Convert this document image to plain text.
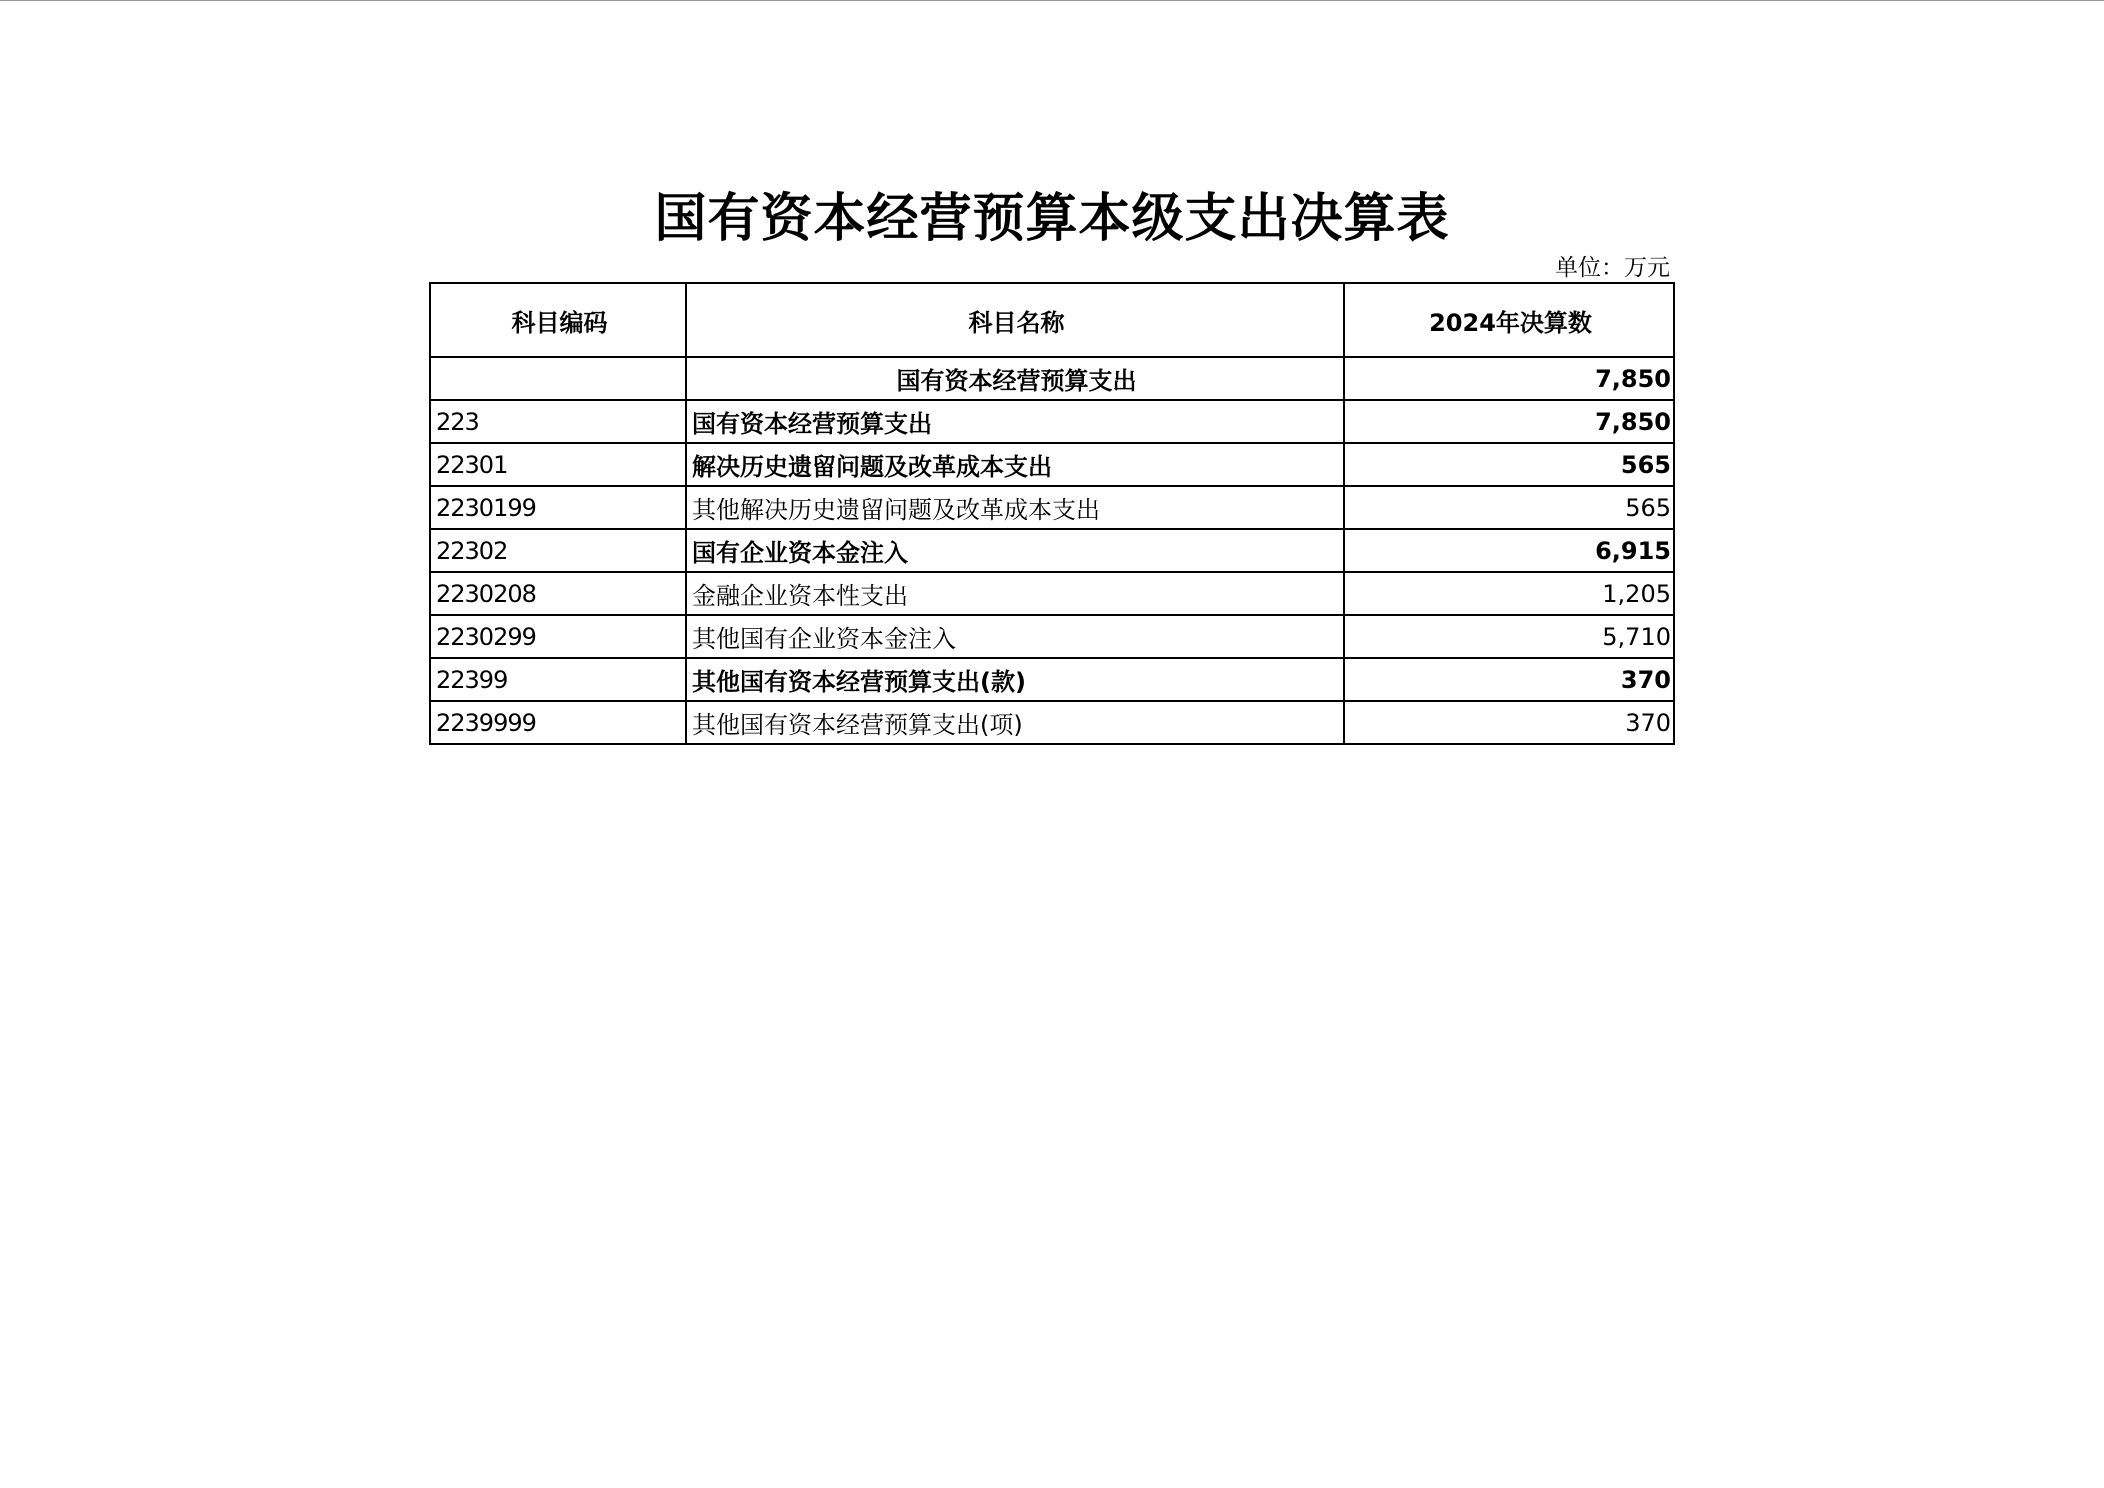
国有资本经营预算本级支出决算表
单位：万元
科目编码	科目名称	2024年决算数
	国有资本经营预算支出	7,850
223	国有资本经营预算支出	7,850
22301	解决历史遗留问题及改革成本支出	565
2230199	其他解决历史遗留问题及改革成本支出	565
22302	国有企业资本金注入	6,915
2230208	金融企业资本性支出	1,205
2230299	其他国有企业资本金注入	5,710
22399	其他国有资本经营预算支出(款)	370
2239999	其他国有资本经营预算支出(项)	370
